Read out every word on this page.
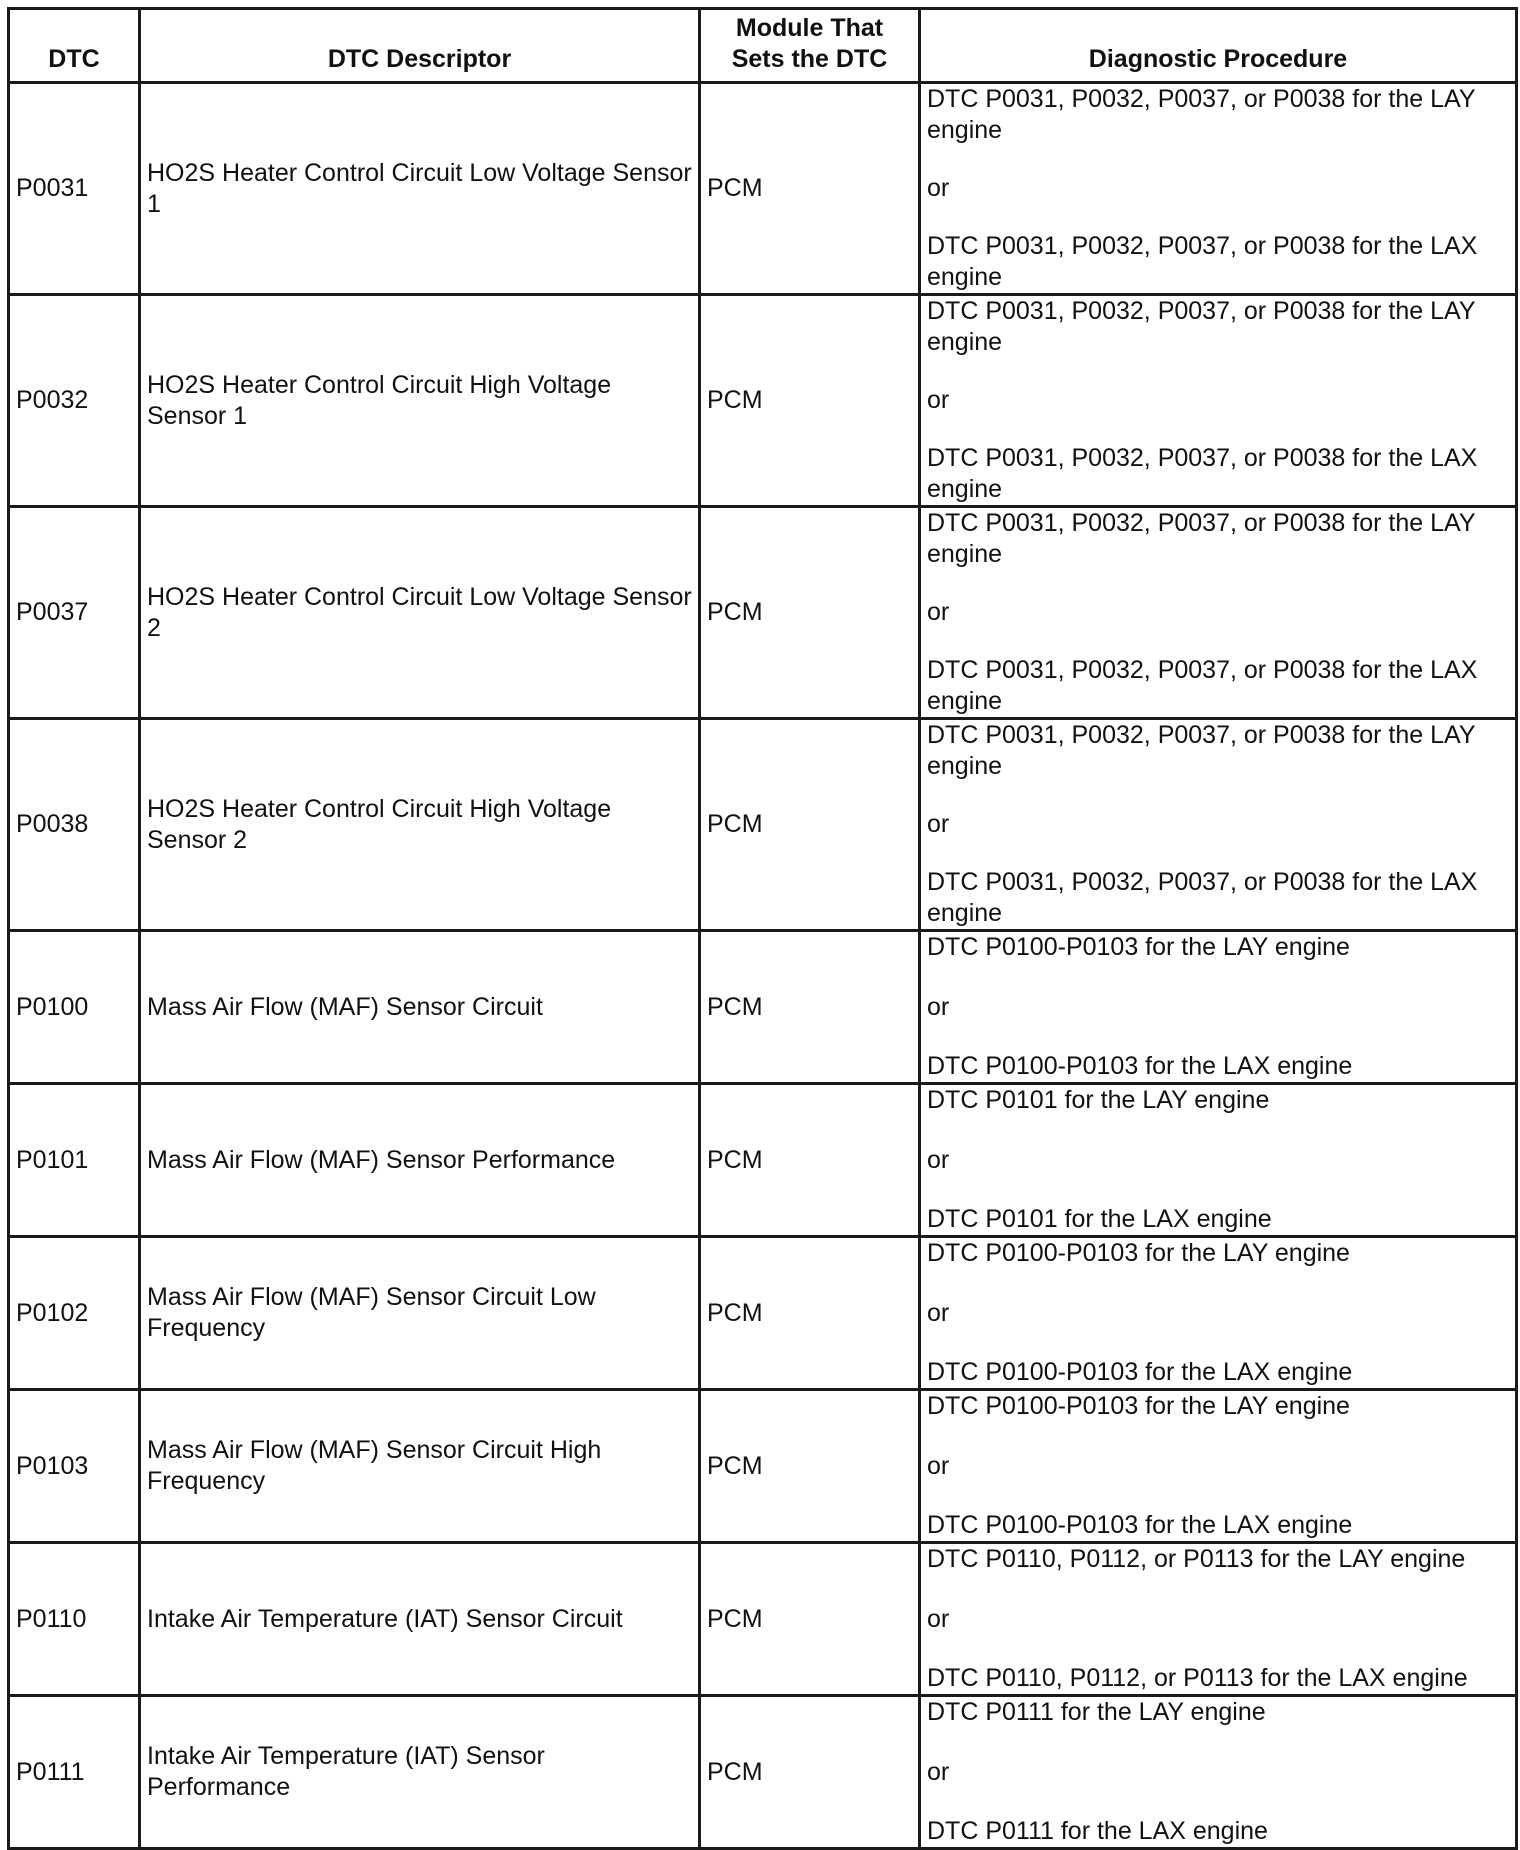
DTC	DTC Descriptor	Module That Sets the DTC	Diagnostic Procedure
P0031	HO2S Heater Control Circuit Low Voltage Sensor 1	PCM	DTC P0031, P0032, P0037, or P0038 for the LAY engine
or
DTC P0031, P0032, P0037, or P0038 for the LAX engine

P0032	HO2S Heater Control Circuit High Voltage Sensor 1	PCM	DTC P0031, P0032, P0037, or P0038 for the LAY engine
or
DTC P0031, P0032, P0037, or P0038 for the LAX engine

P0037	HO2S Heater Control Circuit Low Voltage Sensor 2	PCM	DTC P0031, P0032, P0037, or P0038 for the LAY engine
or
DTC P0031, P0032, P0037, or P0038 for the LAX engine

P0038	HO2S Heater Control Circuit High Voltage Sensor 2	PCM	DTC P0031, P0032, P0037, or P0038 for the LAY engine
or
DTC P0031, P0032, P0037, or P0038 for the LAX engine

P0100	Mass Air Flow (MAF) Sensor Circuit	PCM	DTC P0100-P0103 for the LAY engine
or
DTC P0100-P0103 for the LAX engine

P0101	Mass Air Flow (MAF) Sensor Performance	PCM	DTC P0101 for the LAY engine
or
DTC P0101 for the LAX engine

P0102	Mass Air Flow (MAF) Sensor Circuit Low Frequency	PCM	DTC P0100-P0103 for the LAY engine
or
DTC P0100-P0103 for the LAX engine

P0103	Mass Air Flow (MAF) Sensor Circuit High Frequency	PCM	DTC P0100-P0103 for the LAY engine
or
DTC P0100-P0103 for the LAX engine

P0110	Intake Air Temperature (IAT) Sensor Circuit	PCM	DTC P0110, P0112, or P0113 for the LAY engine
or
DTC P0110, P0112, or P0113 for the LAX engine

P0111	Intake Air Temperature (IAT) Sensor Performance	PCM	DTC P0111 for the LAY engine
or
DTC P0111 for the LAX engine
